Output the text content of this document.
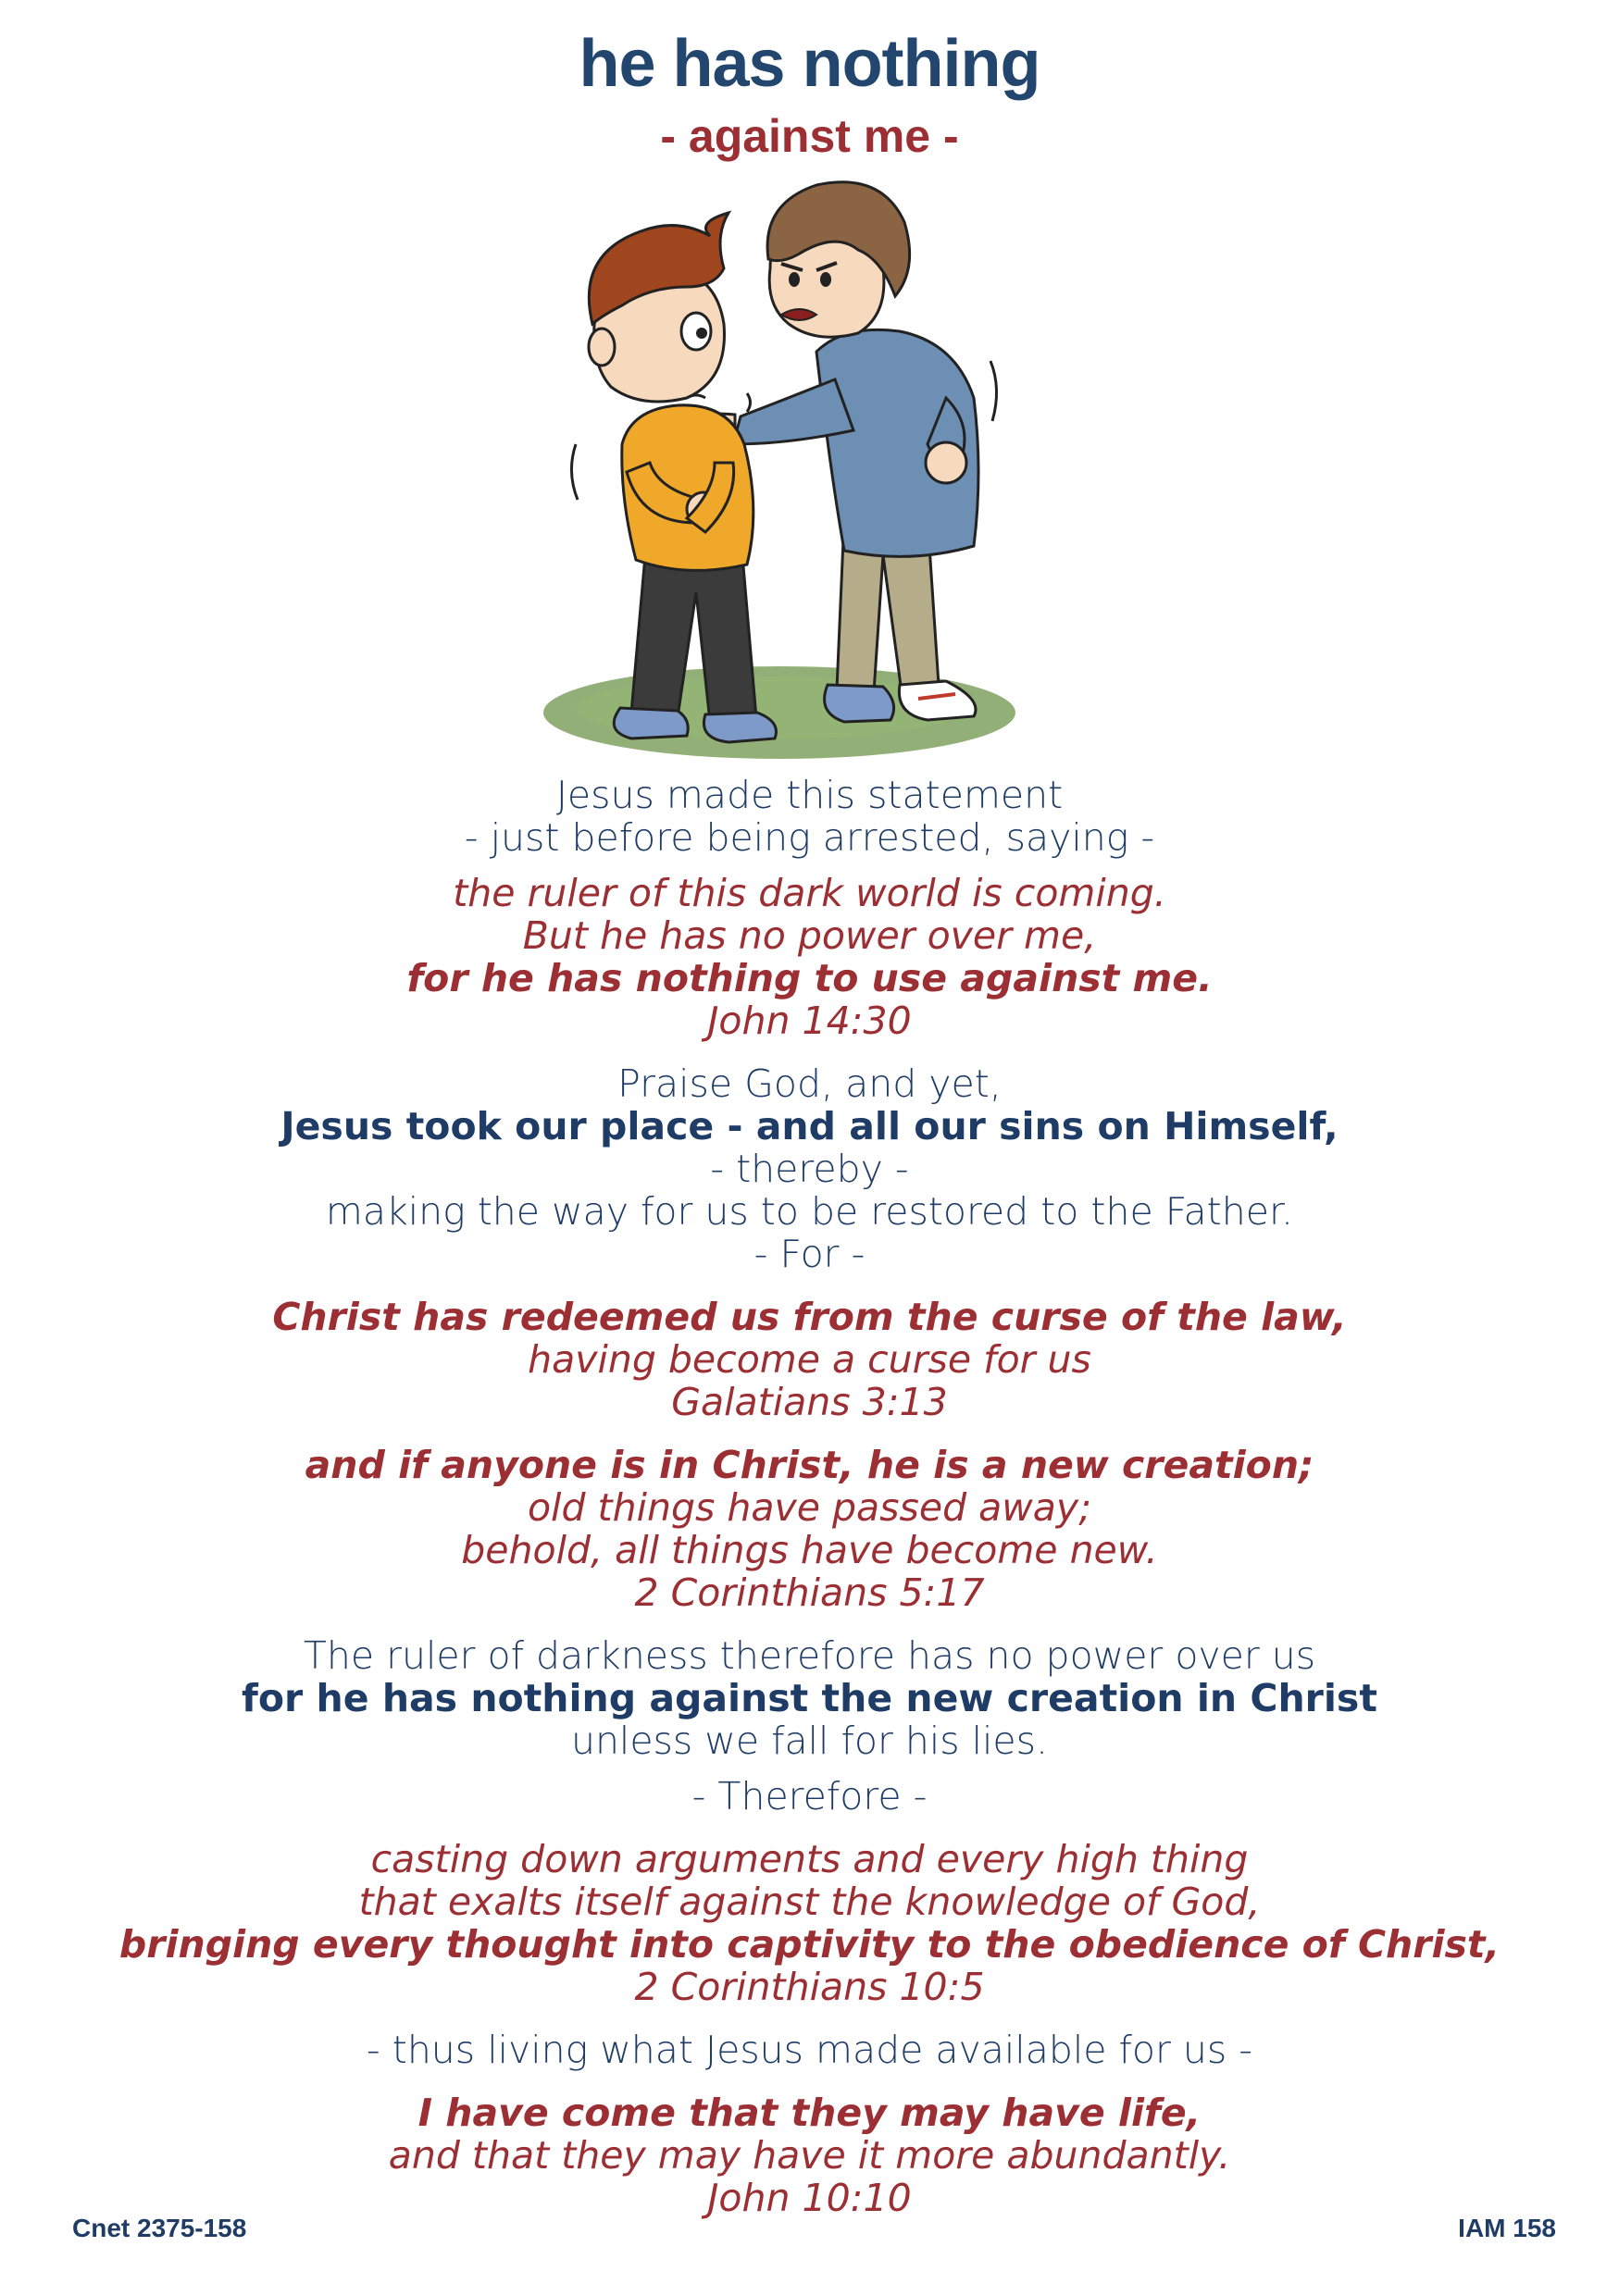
he has nothing
- against me -
Jesus made this statement
- just before being arrested, saying -
the ruler of this dark world is coming.
But he has no power over me,
for he has nothing to use against me.
John 14:30
Praise God, and yet,
Jesus took our place - and all our sins on Himself,
- thereby -
making the way for us to be restored to the Father.
- For -
Christ has redeemed us from the curse of the law,
having become a curse for us
Galatians 3:13
and if anyone is in Christ, he is a new creation;
old things have passed away;
behold, all things have become new.
2 Corinthians 5:17
The ruler of darkness therefore has no power over us
for he has nothing against the new creation in Christ
unless we fall for his lies.
- Therefore -
casting down arguments and every high thing
that exalts itself against the knowledge of God,
bringing every thought into captivity to the obedience of Christ,
2 Corinthians 10:5
- thus living what Jesus made available for us -
I have come that they may have life,
and that they may have it more abundantly.
John 10:10
Cnet 2375-158	IAM 158
